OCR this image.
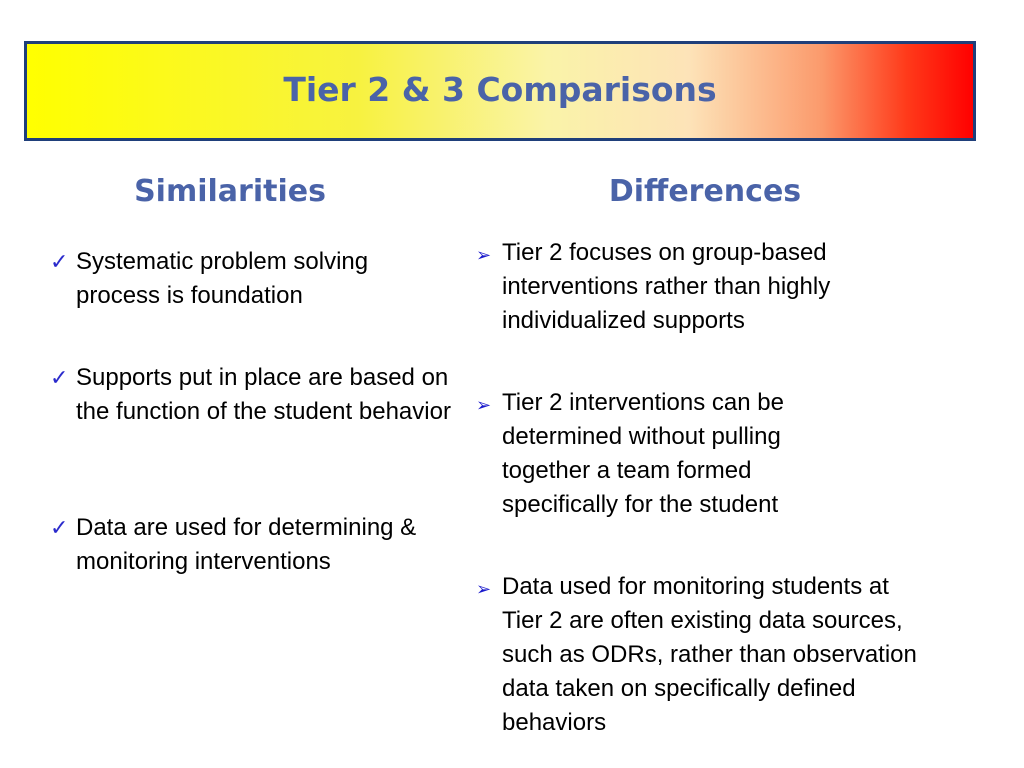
Tier 2 & 3 Comparisons
Similarities	Differences
✓ Systematic problem solving process is foundation
✓ Supports put in place are based on the function of the student behavior
✓ Data are used for determining & monitoring interventions
➢ Tier 2 focuses on group-based interventions rather than highly individualized supports
➢ Tier 2 interventions can be determined without pulling together a team formed specifically for the student
➢ Data used for monitoring students at Tier 2 are often existing data sources, such as ODRs, rather than observation data taken on specifically defined behaviors
